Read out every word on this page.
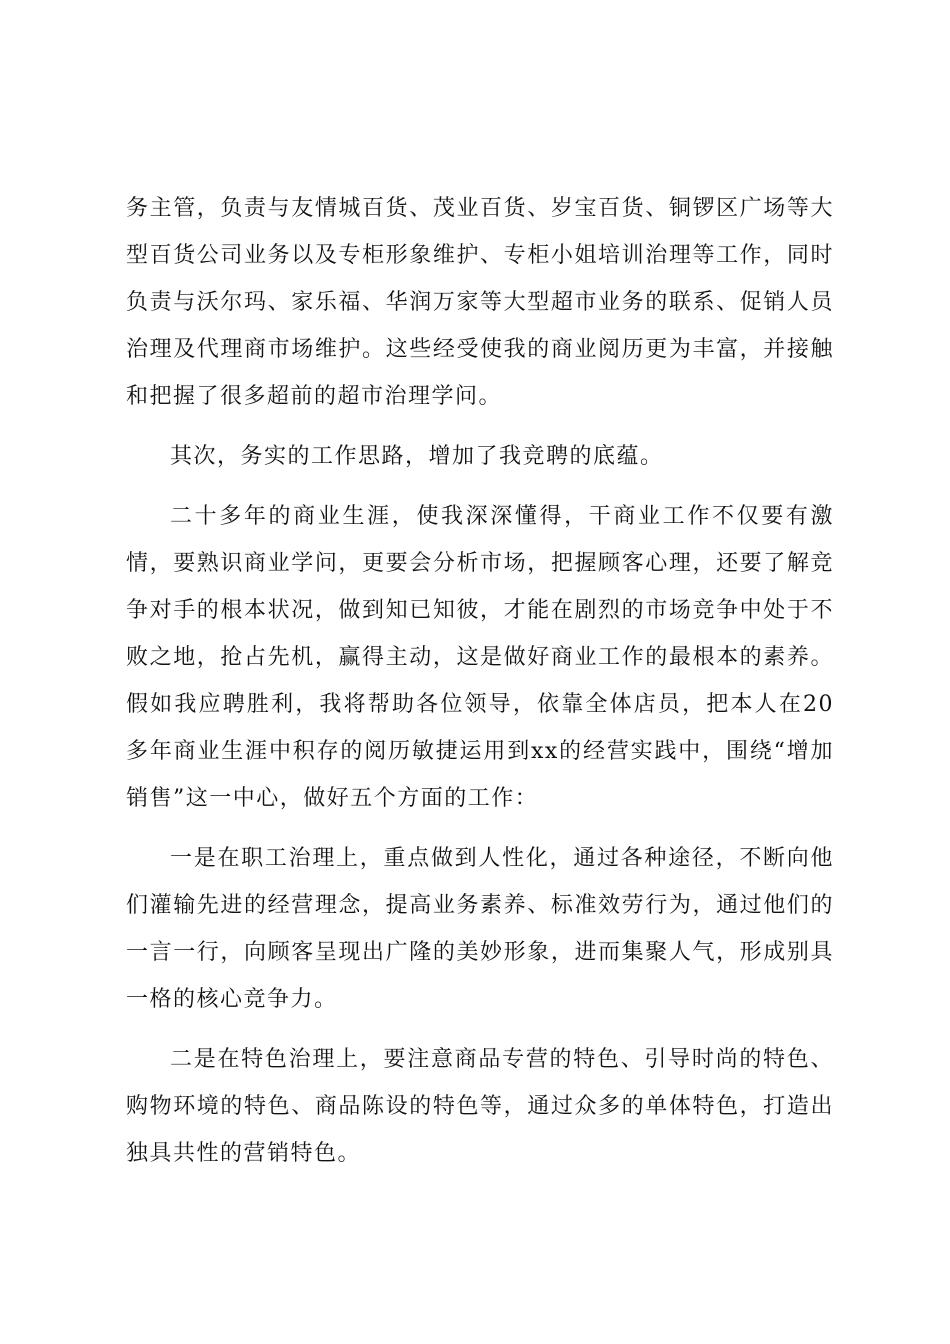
务主管，负责与友情城百货、茂业百货、岁宝百货、铜锣区广场等大型百货公司业务以及专柜形象维护、专柜小姐培训治理等工作，同时负责与沃尔玛、家乐福、华润万家等大型超市业务的联系、促销人员治理及代理商市场维护。这些经受使我的商业阅历更为丰富，并接触和把握了很多超前的超市治理学问。

其次，务实的工作思路，增加了我竞聘的底蕴。

二十多年的商业生涯，使我深深懂得，干商业工作不仅要有激情，要熟识商业学问，更要会分析市场，把握顾客心理，还要了解竞争对手的根本状况，做到知已知彼，才能在剧烈的市场竞争中处于不败之地，抢占先机，赢得主动，这是做好商业工作的最根本的素养。假如我应聘胜利，我将帮助各位领导，依靠全体店员，把本人在20多年商业生涯中积存的阅历敏捷运用到xx的经营实践中，围绕“增加销售”这一中心，做好五个方面的工作：

一是在职工治理上，重点做到人性化，通过各种途径，不断向他们灌输先进的经营理念，提高业务素养、标准效劳行为，通过他们的一言一行，向顾客呈现出广隆的美妙形象，进而集聚人气，形成别具一格的核心竞争力。

二是在特色治理上，要注意商品专营的特色、引导时尚的特色、购物环境的特色、商品陈设的特色等，通过众多的单体特色，打造出独具共性的营销特色。
